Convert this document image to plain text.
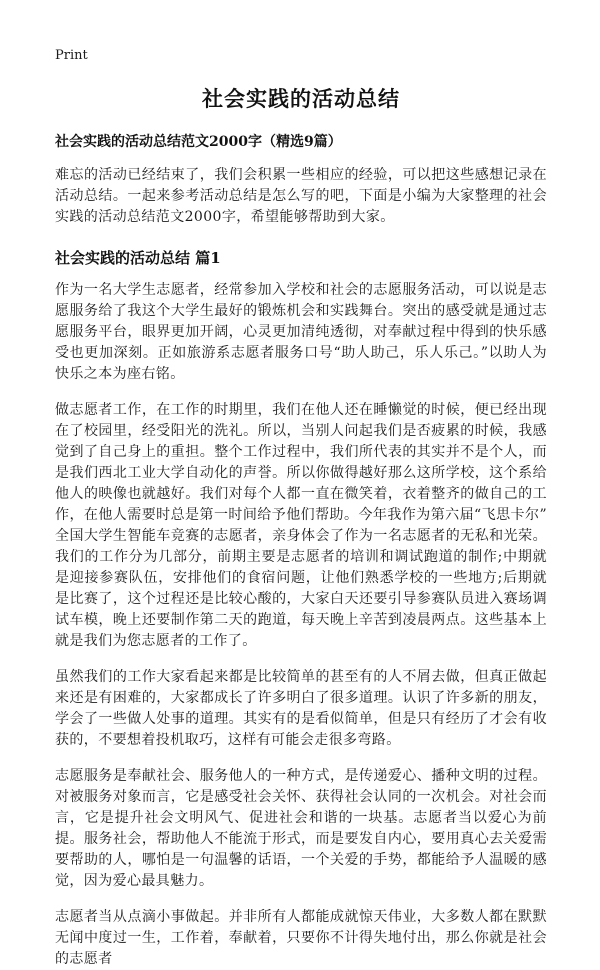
Print
社会实践的活动总结

社会实践的活动总结范文2000字（精选9篇）

难忘的活动已经结束了，我们会积累一些相应的经验，可以把这些感想记录在活动总结。一起来参考活动总结是怎么写的吧，下面是小编为大家整理的社会实践的活动总结范文2000字，希望能够帮助到大家。

社会实践的活动总结 篇1

作为一名大学生志愿者，经常参加入学校和社会的志愿服务活动，可以说是志愿服务给了我这个大学生最好的锻炼机会和实践舞台。突出的感受就是通过志愿服务平台，眼界更加开阔，心灵更加清纯透彻，对奉献过程中得到的快乐感受也更加深刻。正如旅游系志愿者服务口号“助人助己，乐人乐己。”以助人为快乐之本为座右铭。

做志愿者工作，在工作的时期里，我们在他人还在睡懒觉的时候，便已经出现在了校园里，经受阳光的洗礼。所以，当别人问起我们是否疲累的时候，我感觉到了自己身上的重担。整个工作过程中，我们所代表的其实并不是个人，而是我们西北工业大学自动化的声誉。所以你做得越好那么这所学校，这个系给他人的映像也就越好。我们对每个人都一直在微笑着，衣着整齐的做自己的工作，在他人需要时总是第一时间给予他们帮助。今年我作为第六届“飞思卡尔”全国大学生智能车竞赛的志愿者，亲身体会了作为一名志愿者的无私和光荣。我们的工作分为几部分，前期主要是志愿者的培训和调试跑道的制作;中期就是迎接参赛队伍，安排他们的食宿问题，让他们熟悉学校的一些地方;后期就是比赛了，这个过程还是比较心酸的，大家白天还要引导参赛队员进入赛场调试车模，晚上还要制作第二天的跑道，每天晚上辛苦到凌晨两点。这些基本上就是我们为您志愿者的工作了。

虽然我们的工作大家看起来都是比较简单的甚至有的人不屑去做，但真正做起来还是有困难的，大家都成长了许多明白了很多道理。认识了许多新的朋友，学会了一些做人处事的道理。其实有的是看似简单，但是只有经历了才会有收获的，不要想着投机取巧，这样有可能会走很多弯路。

志愿服务是奉献社会、服务他人的一种方式，是传递爱心、播种文明的过程。对被服务对象而言，它是感受社会关怀、获得社会认同的一次机会。对社会而言，它是提升社会文明风气、促进社会和谐的一块基。志愿者当以爱心为前提。服务社会，帮助他人不能流于形式，而是要发自内心，要用真心去关爱需要帮助的人，哪怕是一句温馨的话语，一个关爱的手势，都能给予人温暖的感觉，因为爱心最具魅力。

志愿者当从点滴小事做起。并非所有人都能成就惊天伟业，大多数人都在默默无闻中度过一生，工作着，奉献着，只要你不计得失地付出，那么你就是社会的志愿者
